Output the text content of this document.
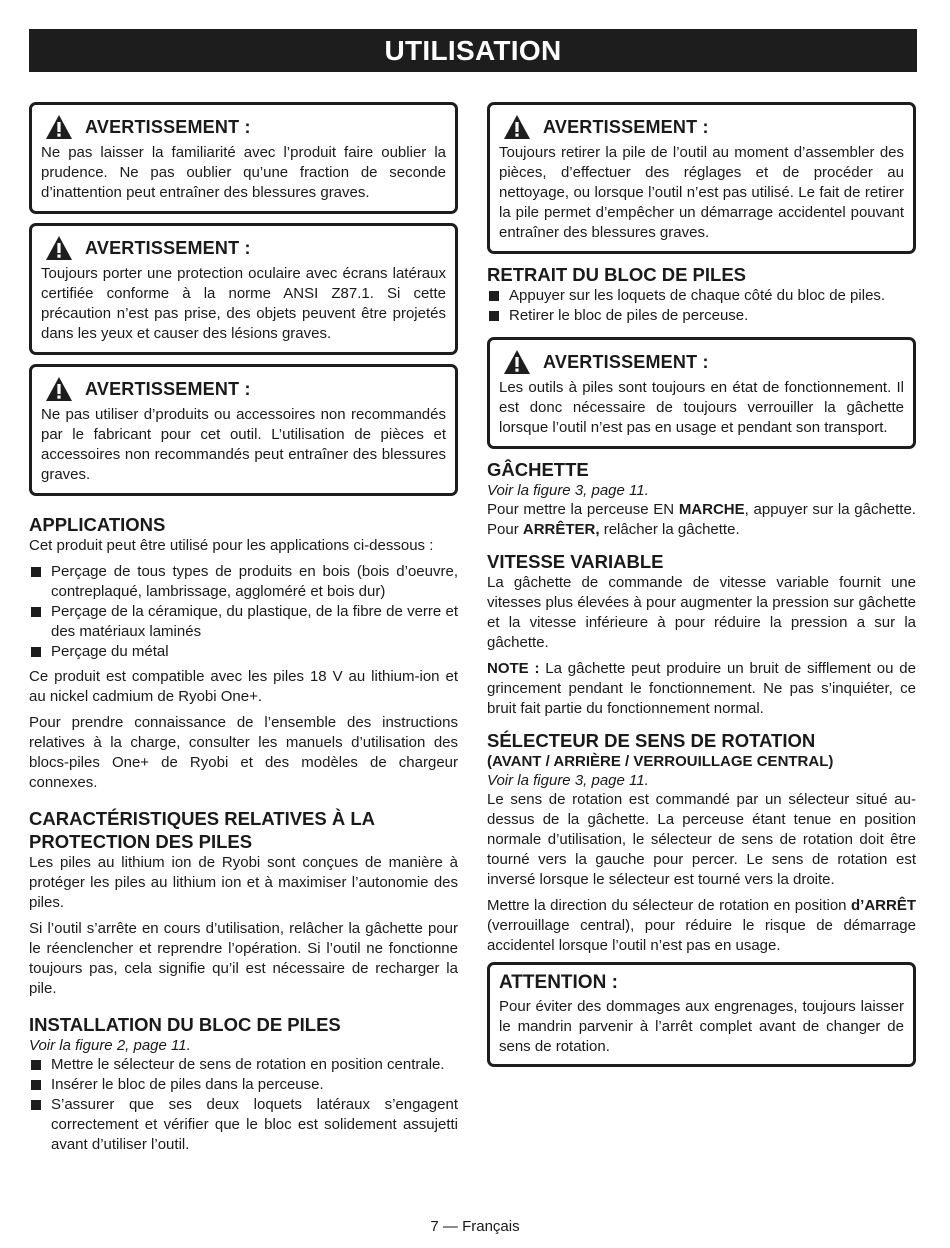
UTILISATION
AVERTISSEMENT :

Ne pas laisser la familiarité avec l’produit faire oublier la prudence. Ne pas oublier qu’une fraction de seconde d’inattention peut entraîner des blessures graves.

AVERTISSEMENT :

Toujours porter une protection oculaire avec écrans latéraux certifiée conforme à la norme ANSI Z87.1. Si cette précaution n’est pas prise, des objets peuvent être projetés dans les yeux et causer des lésions graves.

AVERTISSEMENT :

Ne pas utiliser d’produits ou accessoires non recommandés par le fabricant pour cet outil. L’utilisation de pièces et accessoires non recommandés peut entraîner des blessures graves.

APPLICATIONS

Cet produit peut être utilisé pour les applications ci-dessous :

Perçage de tous types de produits en bois (bois d’oeuvre, contreplaqué, lambrissage, aggloméré et bois dur)
Perçage de la céramique, du plastique, de la fibre de verre et des matériaux laminés
Perçage du métal

Ce produit est compatible avec les piles 18 V au lithium-ion et au nickel cadmium de Ryobi One+.

Pour prendre connaissance de l’ensemble des instructions relatives à la charge, consulter les manuels d’utilisation des blocs-piles One+ de Ryobi et des modèles de chargeur connexes.

CARACTÉRISTIQUES RELATIVES À LA
PROTECTION DES PILES

Les piles au lithium ion de Ryobi sont conçues de manière à protéger les piles au lithium ion et à maximiser l’autonomie des piles.

Si l’outil s’arrête en cours d’utilisation, relâcher la gâchette pour le réenclencher et reprendre l’opération. Si l’outil ne fonctionne toujours pas, cela signifie qu’il est nécessaire de recharger la pile.

INSTALLATION DU BLOC DE PILES

Voir la figure 2, page 11.

Mettre le sélecteur de sens de rotation en position centrale.
Insérer le bloc de piles dans la perceuse.
S’assurer que ses deux loquets latéraux s’engagent correctement et vérifier que le bloc est solidement assujetti avant d’utiliser l’outil.
AVERTISSEMENT :

Toujours retirer la pile de l’outil au moment d’assembler des pièces, d’effectuer des réglages et de procéder au nettoyage, ou lorsque l’outil n’est pas utilisé. Le fait de retirer la pile permet d’empêcher un démarrage accidentel pouvant entraîner des blessures graves.

RETRAIT DU BLOC DE PILES
Appuyer sur les loquets de chaque côté du bloc de piles.
Retirer le bloc de piles de perceuse.
AVERTISSEMENT :

Les outils à piles sont toujours en état de fonctionnement. Il est donc nécessaire de toujours verrouiller la gâchette lorsque l’outil n’est pas en usage et pendant son transport.

GÂCHETTE

Voir la figure 3, page 11.

Pour mettre la perceuse EN MARCHE, appuyer sur la gâchette. Pour ARRÊTER, relâcher la gâchette.

VITESSE VARIABLE

La gâchette de commande de vitesse variable fournit une vitesses plus élevées à pour augmenter la pression sur gâchette et la vitesse inférieure à pour réduire la pression a sur la gâchette.

NOTE : La gâchette peut produire un bruit de sifflement ou de grincement pendant le fonctionnement. Ne pas s’inquiéter, ce bruit fait partie du fonctionnement normal.

SÉLECTEUR DE SENS DE ROTATION
(AVANT / ARRIÈRE / VERROUILLAGE CENTRAL)

Voir la figure 3, page 11.

Le sens de rotation est commandé par un sélecteur situé au-dessus de la gâchette. La perceuse étant tenue en position normale d’utilisation, le sélecteur de sens de rotation doit être tourné vers la gauche pour percer. Le sens de rotation est inversé lorsque le sélecteur est tourné vers la droite.

Mettre la direction du sélecteur de rotation en position d’ARRÊT (verrouillage central), pour réduire le risque de démarrage accidentel lorsque l’outil n’est pas en usage.

ATTENTION :

Pour éviter des dommages aux engrenages, toujours laisser le mandrin parvenir à l’arrêt complet avant de changer de sens de rotation.

7 — Français
